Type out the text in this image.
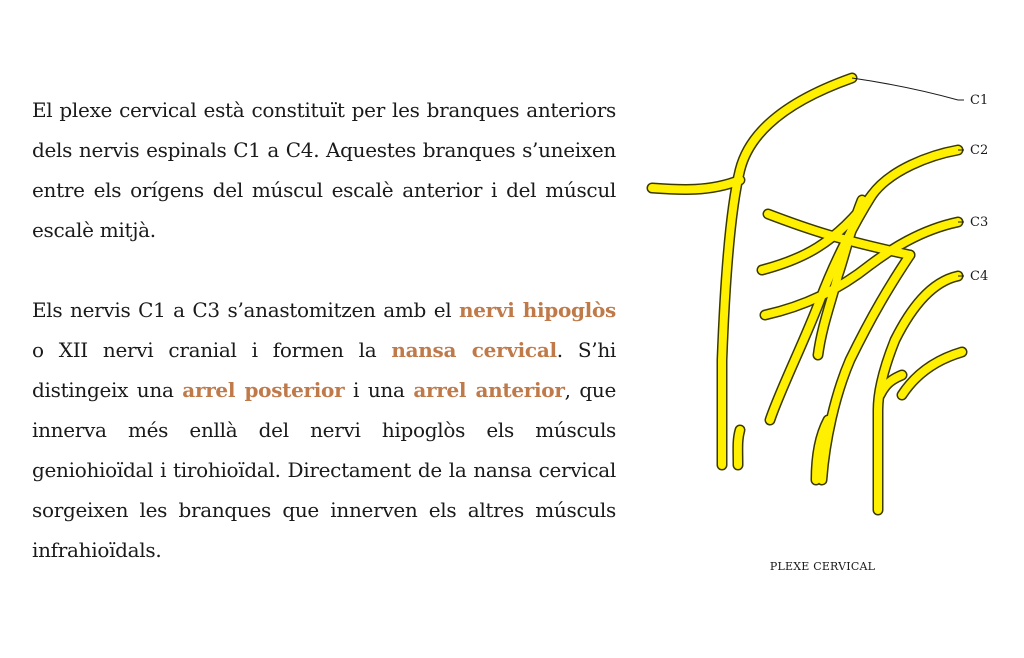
El plexe cervical està constituït per les branques anteriors dels nervis espinals C1 a C4. Aquestes branques s’uneixen entre els orígens del múscul escalè anterior i del múscul escalè mitjà.

Els nervis C1 a C3 s’anastomitzen amb el nervi hipoglòs o XII nervi cranial i formen la nansa cervical. S’hi distingeix una arrel posterior i una arrel anterior, que innerva més enllà del nervi hipoglòs els músculs geniohioïdal i tirohioïdal. Directament de la nansa cervical sorgeixen les branques que innerven els altres músculs infrahioïdals.

C1
C2
C3
C4
PLEXE CERVICAL
